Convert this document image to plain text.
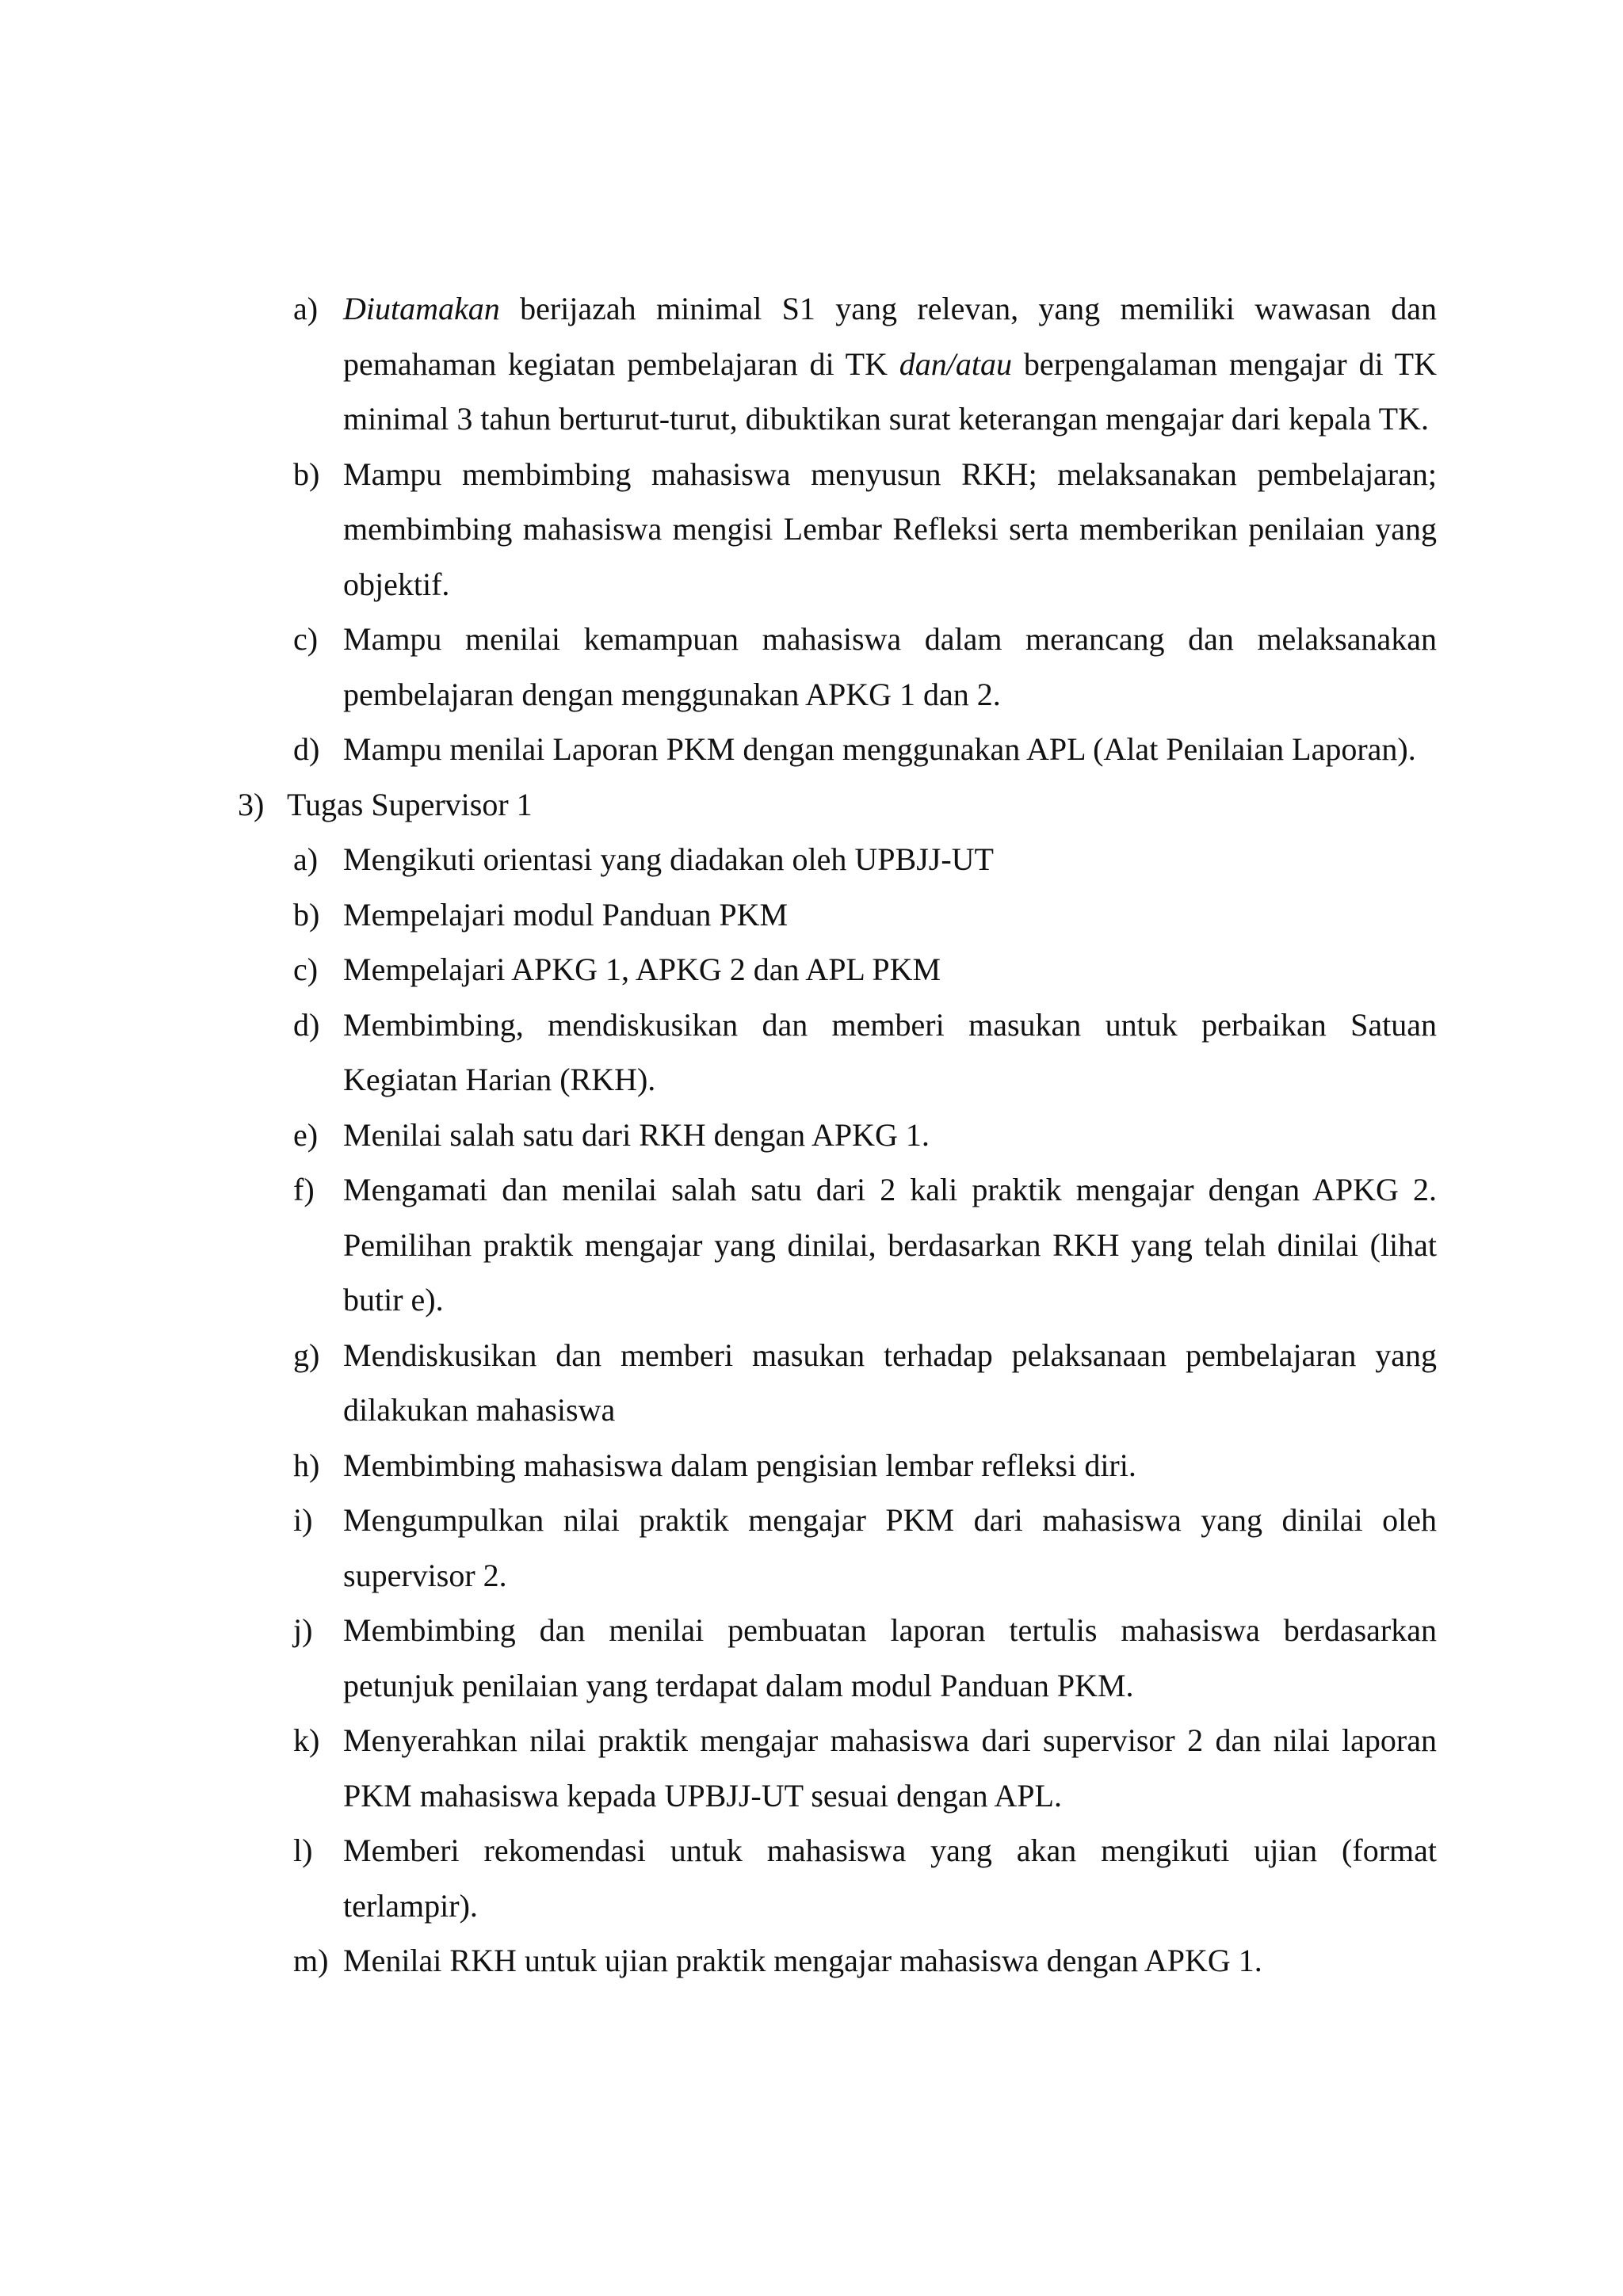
a) Diutamakan berijazah minimal S1 yang relevan, yang memiliki wawasan dan pemahaman kegiatan pembelajaran di TK dan/atau berpengalaman mengajar di TK minimal 3 tahun berturut-turut, dibuktikan surat keterangan mengajar dari kepala TK.
b) Mampu membimbing mahasiswa menyusun RKH; melaksanakan pembelajaran; membimbing mahasiswa mengisi Lembar Refleksi serta memberikan penilaian yang objektif.
c) Mampu menilai kemampuan mahasiswa dalam merancang dan melaksanakan pembelajaran dengan menggunakan APKG 1 dan 2.
d) Mampu menilai Laporan PKM dengan menggunakan APL (Alat Penilaian Laporan).
3) Tugas Supervisor 1
a) Mengikuti orientasi yang diadakan oleh UPBJJ-UT
b) Mempelajari modul Panduan PKM
c) Mempelajari APKG 1, APKG 2 dan APL PKM
d) Membimbing, mendiskusikan dan memberi masukan untuk perbaikan Satuan Kegiatan Harian (RKH).
e) Menilai salah satu dari RKH dengan APKG 1.
f) Mengamati dan menilai salah satu dari 2 kali praktik mengajar dengan APKG 2. Pemilihan praktik mengajar yang dinilai, berdasarkan RKH yang telah dinilai (lihat butir e).
g) Mendiskusikan dan memberi masukan terhadap pelaksanaan pembelajaran yang dilakukan mahasiswa
h) Membimbing mahasiswa dalam pengisian lembar refleksi diri.
i) Mengumpulkan nilai praktik mengajar PKM dari mahasiswa yang dinilai oleh supervisor 2.
j) Membimbing dan menilai pembuatan laporan tertulis mahasiswa berdasarkan petunjuk penilaian yang terdapat dalam modul Panduan PKM.
k) Menyerahkan nilai praktik mengajar mahasiswa dari supervisor 2 dan nilai laporan PKM mahasiswa kepada UPBJJ-UT sesuai dengan APL.
l) Memberi rekomendasi untuk mahasiswa yang akan mengikuti ujian (format terlampir).
m) Menilai RKH untuk ujian praktik mengajar mahasiswa dengan APKG 1.
